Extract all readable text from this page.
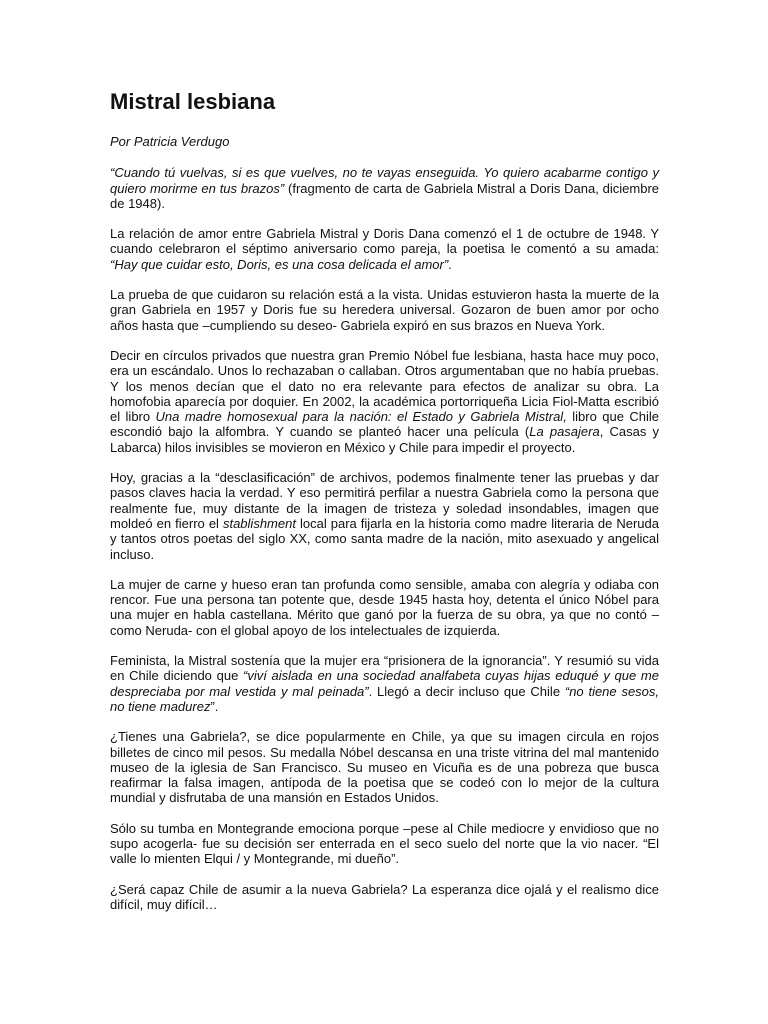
Mistral lesbiana

Por Patricia Verdugo

“Cuando tú vuelvas, si es que vuelves, no te vayas enseguida. Yo quiero acabarme contigo y quiero morirme en tus brazos” (fragmento de carta de Gabriela Mistral a Doris Dana, diciembre de 1948).

La relación de amor entre Gabriela Mistral y Doris Dana comenzó el 1 de octubre de 1948. Y cuando celebraron el séptimo aniversario como pareja, la poetisa le comentó a su amada: “Hay que cuidar esto, Doris, es una cosa delicada el amor”.

La prueba de que cuidaron su relación está a la vista. Unidas estuvieron hasta la muerte de la gran Gabriela en 1957 y Doris fue su heredera universal. Gozaron de buen amor por ocho años hasta que –cumpliendo su deseo- Gabriela expiró en sus brazos en Nueva York.

Decir en círculos privados que nuestra gran Premio Nóbel fue lesbiana, hasta hace muy poco, era un escándalo. Unos lo rechazaban o callaban. Otros argumentaban que no había pruebas. Y los menos decían que el dato no era relevante para efectos de analizar su obra. La homofobia aparecía por doquier. En 2002, la académica portorriqueña Licia Fiol-Matta escribió el libro Una madre homosexual para la nación: el Estado y Gabriela Mistral, libro que Chile escondió bajo la alfombra. Y cuando se planteó hacer una película (La pasajera, Casas y Labarca) hilos invisibles se movieron en México y Chile para impedir el proyecto.

Hoy, gracias a la “desclasificación” de archivos, podemos finalmente tener las pruebas y dar pasos claves hacia la verdad. Y eso permitirá perfilar a nuestra Gabriela como la persona que realmente fue, muy distante de la imagen de tristeza y soledad insondables, imagen que moldeó en fierro el stablishment local para fijarla en la historia como madre literaria de Neruda y tantos otros poetas del siglo XX, como santa madre de la nación, mito asexuado y angelical incluso.

La mujer de carne y hueso eran tan profunda como sensible, amaba con alegría y odiaba con rencor. Fue una persona tan potente que, desde 1945 hasta hoy, detenta el único Nóbel para una mujer en habla castellana. Mérito que ganó por la fuerza de su obra, ya que no contó –como Neruda- con el global apoyo de los intelectuales de izquierda.

Feminista, la Mistral sostenía que la mujer era “prisionera de la ignorancia”. Y resumió su vida en Chile diciendo que “viví aislada en una sociedad analfabeta cuyas hijas eduqué y que me despreciaba por mal vestida y mal peinada”. Llegó a decir incluso que Chile “no tiene sesos, no tiene madurez”.

¿Tienes una Gabriela?, se dice popularmente en Chile, ya que su imagen circula en rojos billetes de cinco mil pesos. Su medalla Nóbel descansa en una triste vitrina del mal mantenido museo de la iglesia de San Francisco. Su museo en Vicuña es de una pobreza que busca reafirmar la falsa imagen, antípoda de la poetisa que se codeó con lo mejor de la cultura mundial y disfrutaba de una mansión en Estados Unidos.

Sólo su tumba en Montegrande emociona porque –pese al Chile mediocre y envidioso que no supo acogerla- fue su decisión ser enterrada en el seco suelo del norte que la vio nacer. “El valle lo mienten Elqui / y Montegrande, mi dueño”.

¿Será capaz Chile de asumir a la nueva Gabriela? La esperanza dice ojalá y el realismo dice difícil, muy difícil…
